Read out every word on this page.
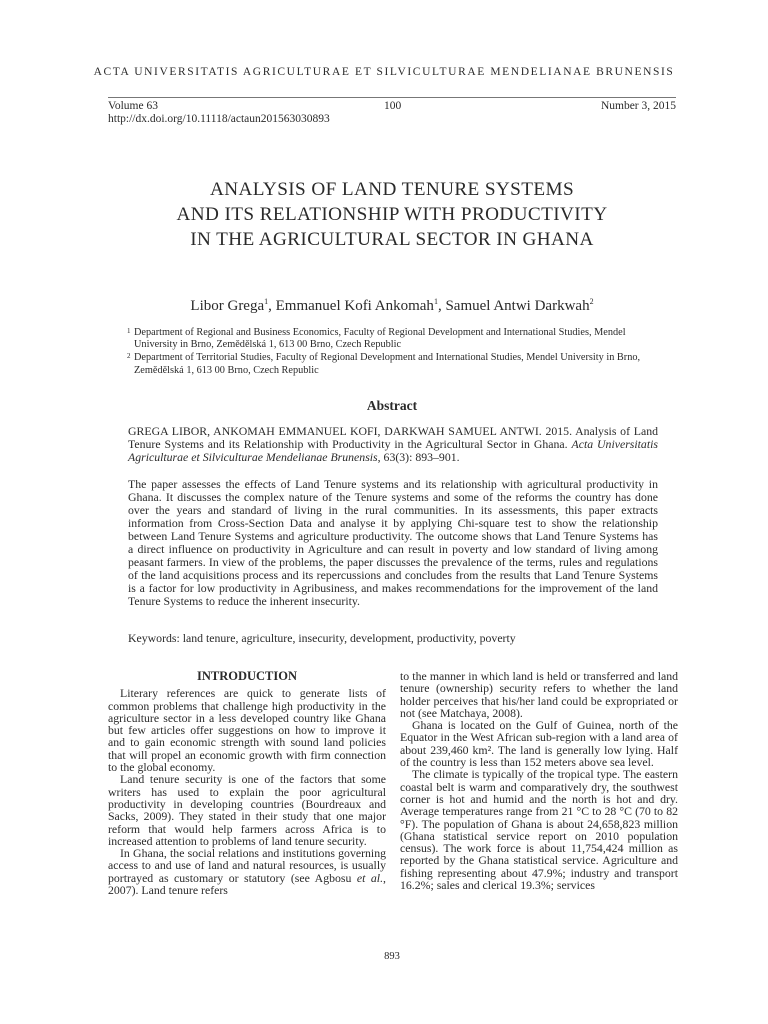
ACTA UNIVERSITATIS AGRICULTURAE ET SILVICULTURAE MENDELIANAE BRUNENSIS
Volume 63	100	Number 3, 2015
http://dx.doi.org/10.11118/actaun201563030893
ANALYSIS OF LAND TENURE SYSTEMS
AND ITS RELATIONSHIP WITH PRODUCTIVITY
IN THE AGRICULTURAL SECTOR IN GHANA
Libor Grega$^1$, Emmanuel Kofi Ankomah$^1$, Samuel Antwi Darkwah$^2$
1 Department of Regional and Business Economics, Faculty of Regional Development and International Studies, Mendel University in Brno, Zemědělská 1, 613 00 Brno, Czech Republic
2 Department of Territorial Studies, Faculty of Regional Development and International Studies, Mendel University in Brno, Zemědělská 1, 613 00 Brno, Czech Republic
Abstract
GREGA LIBOR, ANKOMAH EMMANUEL KOFI, DARKWAH SAMUEL ANTWI. 2015. Analysis of Land Tenure Systems and its Relationship with Productivity in the Agricultural Sector in Ghana. Acta Universitatis Agriculturae et Silviculturae Mendelianae Brunensis, 63(3): 893–901.
The paper assesses the effects of Land Tenure systems and its relationship with agricultural productivity in Ghana. It discusses the complex nature of the Tenure systems and some of the reforms the country has done over the years and standard of living in the rural communities. In its assessments, this paper extracts information from Cross-Section Data and analyse it by applying Chi-square test to show the relationship between Land Tenure Systems and agriculture productivity. The outcome shows that Land Tenure Systems has a direct influence on productivity in Agriculture and can result in poverty and low standard of living among peasant farmers. In view of the problems, the paper discusses the prevalence of the terms, rules and regulations of the land acquisitions process and its repercussions and concludes from the results that Land Tenure Systems is a factor for low productivity in Agribusiness, and makes recommendations for the improvement of the land Tenure Systems to reduce the inherent insecurity.
Keywords: land tenure, agriculture, insecurity, development, productivity, poverty
INTRODUCTION

Literary references are quick to generate lists of common problems that challenge high productivity in the agriculture sector in a less developed country like Ghana but few articles offer suggestions on how to improve it and to gain economic strength with sound land policies that will propel an economic growth with firm connection to the global economy.

Land tenure security is one of the factors that some writers has used to explain the poor agricultural productivity in developing countries (Bourdreaux and Sacks, 2009). They stated in their study that one major reform that would help farmers across Africa is to increased attention to problems of land tenure security.

In Ghana, the social relations and institutions governing access to and use of land and natural resources, is usually portrayed as customary or statutory (see Agbosu et al., 2007). Land tenure refers

to the manner in which land is held or transferred and land tenure (ownership) security refers to whether the land holder perceives that his/her land could be expropriated or not (see Matchaya, 2008).

Ghana is located on the Gulf of Guinea, north of the Equator in the West African sub-region with a land area of about 239,460 km². The land is generally low lying. Half of the country is less than 152 meters above sea level.

The climate is typically of the tropical type. The eastern coastal belt is warm and comparatively dry, the southwest corner is hot and humid and the north is hot and dry. Average temperatures range from 21 °C to 28 °C (70 to 82 °F). The population of Ghana is about 24,658,823 million (Ghana statistical service report on 2010 population census). The work force is about 11,754,424 million as reported by the Ghana statistical service. Agriculture and fishing representing about 47.9%; industry and transport 16.2%; sales and clerical 19.3%; services

893
